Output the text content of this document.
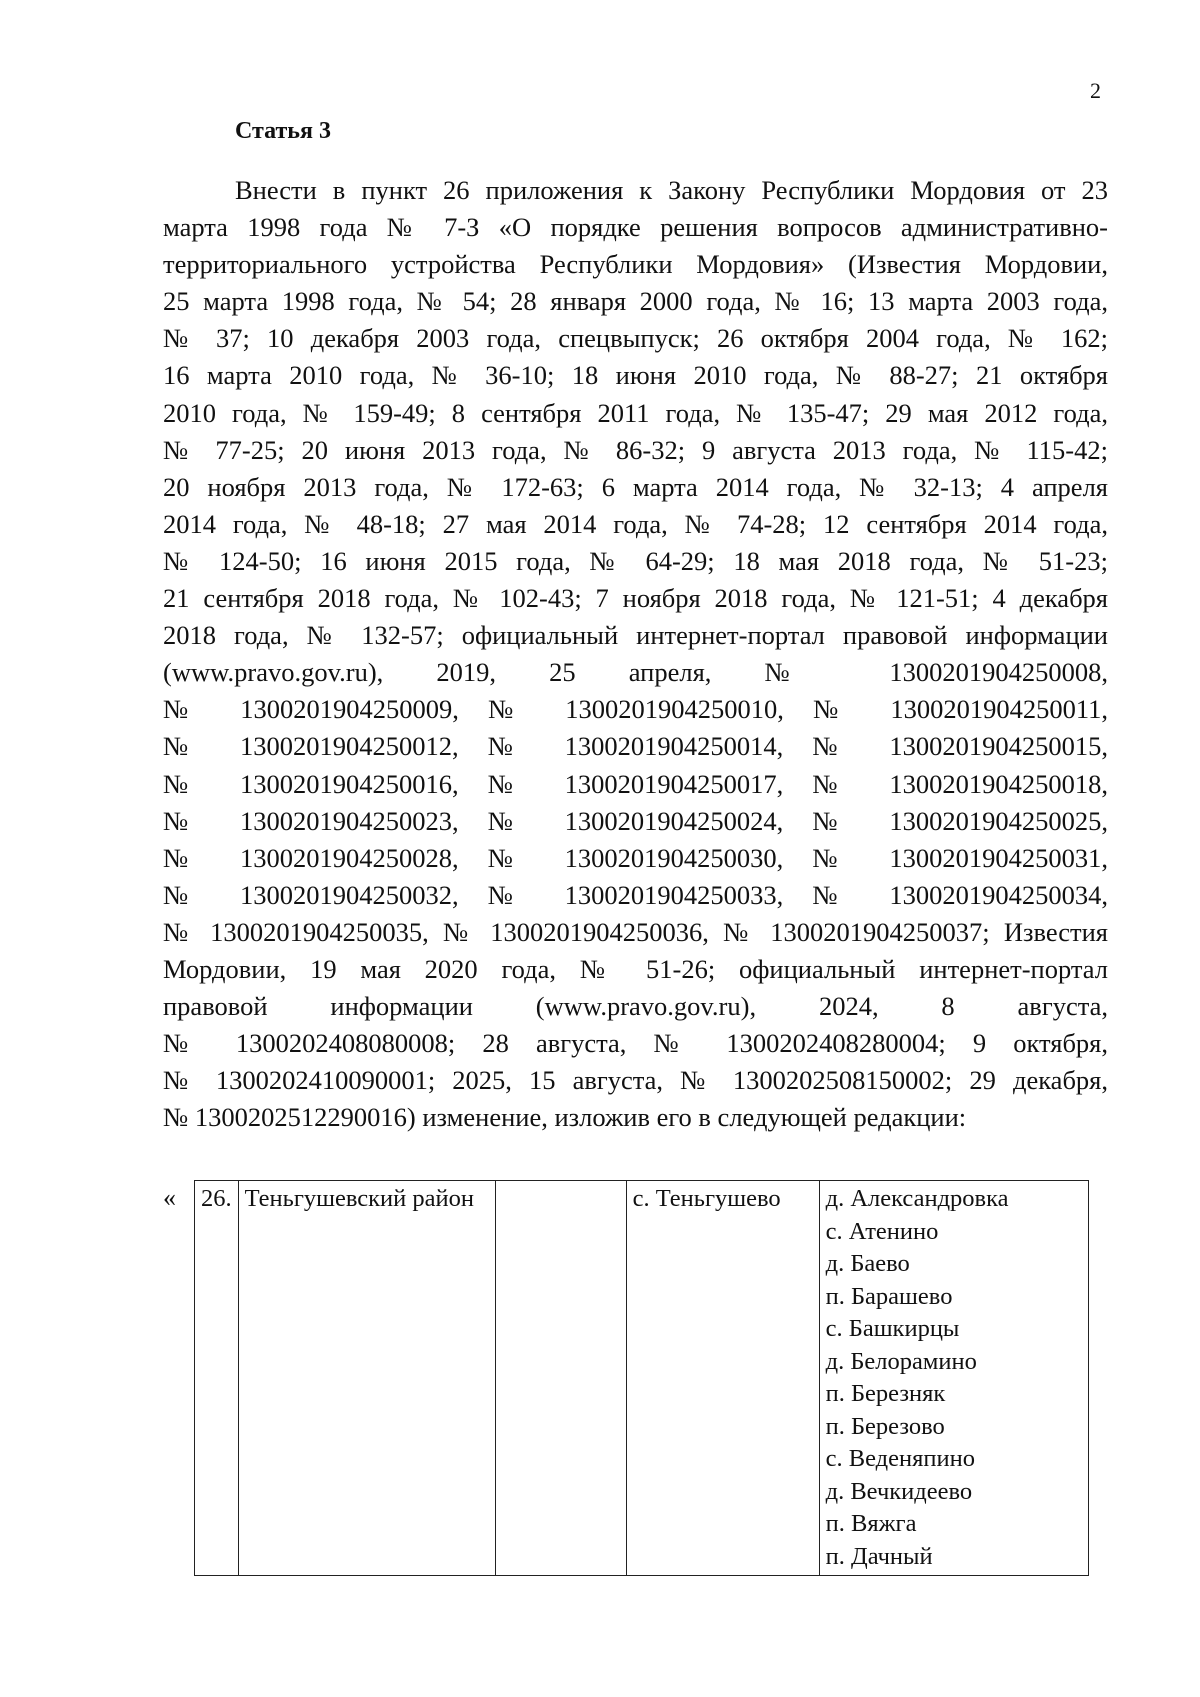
2
Статья 3
Внести в пункт 26 приложения к Закону Республики Мордовия от 23
марта 1998 года № 7-З «О порядке решения вопросов административно-
территориального устройства Республики Мордовия» (Известия Мордовии,
25 марта 1998 года, № 54; 28 января 2000 года, № 16; 13 марта 2003 года,
№ 37; 10 декабря 2003 года, спецвыпуск; 26 октября 2004 года, № 162;
16 марта 2010 года, № 36-10; 18 июня 2010 года, № 88-27; 21 октября
2010 года, № 159-49; 8 сентября 2011 года, № 135-47; 29 мая 2012 года,
№ 77-25; 20 июня 2013 года, № 86-32; 9 августа 2013 года, № 115-42;
20 ноября 2013 года, № 172-63; 6 марта 2014 года, № 32-13; 4 апреля
2014 года, № 48-18; 27 мая 2014 года, № 74-28; 12 сентября 2014 года,
№ 124-50; 16 июня 2015 года, № 64-29; 18 мая 2018 года, № 51-23;
21 сентября 2018 года, № 102-43; 7 ноября 2018 года, № 121-51; 4 декабря
2018 года, № 132-57; официальный интернет-портал правовой информации
(www.pravo.gov.ru), 2019, 25 апреля, № 1300201904250008,
№ 1300201904250009, № 1300201904250010, № 1300201904250011,
№ 1300201904250012, № 1300201904250014, № 1300201904250015,
№ 1300201904250016, № 1300201904250017, № 1300201904250018,
№ 1300201904250023, № 1300201904250024, № 1300201904250025,
№ 1300201904250028, № 1300201904250030, № 1300201904250031,
№ 1300201904250032, № 1300201904250033, № 1300201904250034,
№ 1300201904250035, № 1300201904250036, № 1300201904250037; Известия
Мордовии, 19 мая 2020 года, № 51-26; официальный интернет-портал
правовой информации (www.pravo.gov.ru), 2024, 8 августа,
№ 1300202408080008; 28 августа, № 1300202408280004; 9 октября,
№ 1300202410090001; 2025, 15 августа, № 1300202508150002; 29 декабря,
№ 1300202512290016) изменение, изложив его в следующей редакции:
« 26.	Теньгушевский район		с. Теньгушево	д. Александровка
с. Атенино
д. Баево
п. Барашево
с. Башкирцы
д. Белорамино
п. Березняк
п. Березово
с. Веденяпино
д. Вечкидеево
п. Вяжга
п. Дачный
